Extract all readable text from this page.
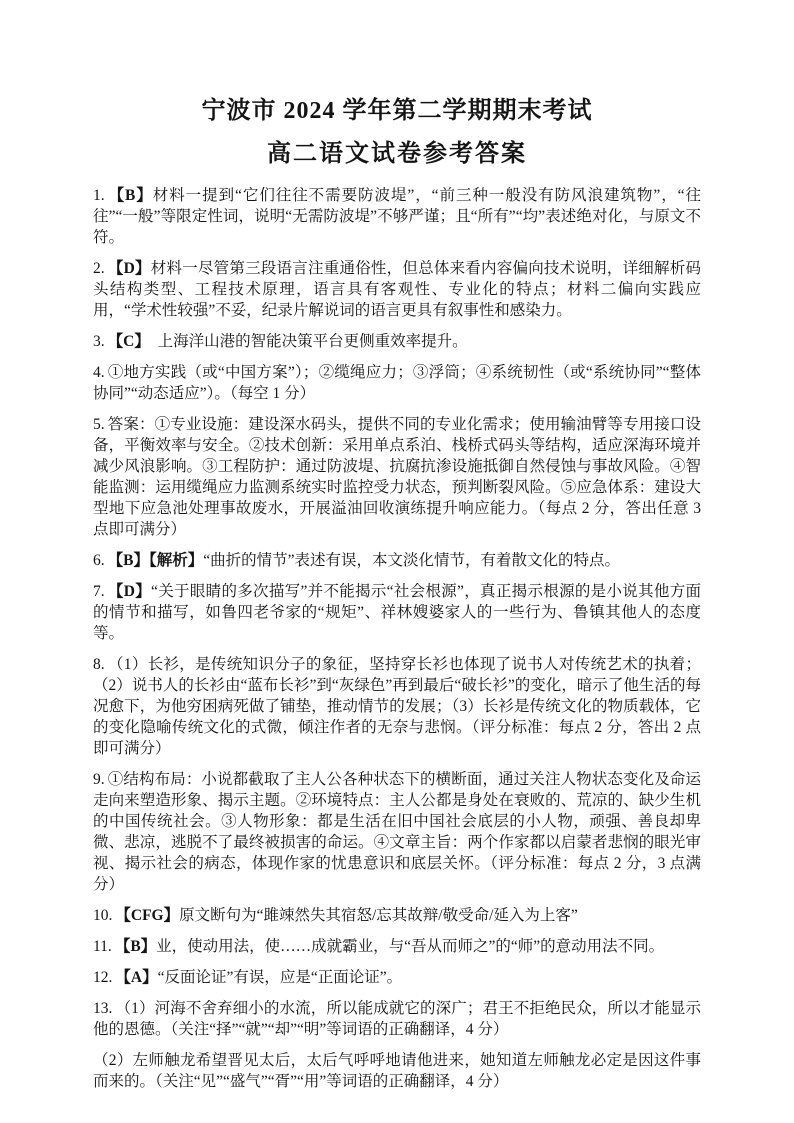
宁波市 2024 学年第二学期期末考试
高二语文试卷参考答案

1. 【B】材料一提到“它们往往不需要防波堤”，“前三种一般没有防风浪建筑物”，“往往”“一般”等限定性词，说明“无需防波堤”不够严谨；且“所有”“均”表述绝对化，与原文不符。

2. 【D】材料一尽管第三段语言注重通俗性，但总体来看内容偏向技术说明，详细解析码头结构类型、工程技术原理，语言具有客观性、专业化的特点；材料二偏向实践应用，“学术性较强”不妥，纪录片解说词的语言更具有叙事性和感染力。

3. 【C】　上海洋山港的智能决策平台更侧重效率提升。

4. ①地方实践（或“中国方案”）；②缆绳应力；③浮筒；④系统韧性（或“系统协同”“整体协同”“动态适应”）。（每空 1 分）

5. 答案：①专业设施：建设深水码头，提供不同的专业化需求；使用输油臂等专用接口设备，平衡效率与安全。②技术创新：采用单点系泊、栈桥式码头等结构，适应深海环境并减少风浪影响。③工程防护：通过防波堤、抗腐抗渗设施抵御自然侵蚀与事故风险。④智能监测：运用缆绳应力监测系统实时监控受力状态，预判断裂风险。⑤应急体系：建设大型地下应急池处理事故废水，开展溢油回收演练提升响应能力。（每点 2 分，答出任意 3 点即可满分）

6. 【B】【解析】“曲折的情节”表述有误，本文淡化情节，有着散文化的特点。

7. 【D】“关于眼睛的多次描写”并不能揭示“社会根源”，真正揭示根源的是小说其他方面的情节和描写，如鲁四老爷家的“规矩”、祥林嫂婆家人的一些行为、鲁镇其他人的态度等。

8. （1）长衫，是传统知识分子的象征，坚持穿长衫也体现了说书人对传统艺术的执着；（2）说书人的长衫由“蓝布长衫”到“灰绿色”再到最后“破长衫”的变化，暗示了他生活的每况愈下，为他穷困病死做了铺垫，推动情节的发展；（3）长衫是传统文化的物质载体，它的变化隐喻传统文化的式微，倾注作者的无奈与悲悯。（评分标准：每点 2 分，答出 2 点即可满分）

9. ①结构布局：小说都截取了主人公各种状态下的横断面，通过关注人物状态变化及命运走向来塑造形象、揭示主题。②环境特点：主人公都是身处在衰败的、荒凉的、缺少生机的中国传统社会。③人物形象：都是生活在旧中国社会底层的小人物，顽强、善良却卑微、悲凉，逃脱不了最终被损害的命运。④文章主旨：两个作家都以启蒙者悲悯的眼光审视、揭示社会的病态，体现作家的忧患意识和底层关怀。（评分标准：每点 2 分，3 点满分）

10. 【CFG】原文断句为“雎竦然失其宿怒/忘其故辩/敬受命/延入为上客”

11. 【B】业，使动用法，使……成就霸业，与“吾从而师之”的“师”的意动用法不同。

12. 【A】“反面论证”有误，应是“正面论证”。

13. （1）河海不舍弃细小的水流，所以能成就它的深广；君王不拒绝民众，所以才能显示他的恩德。（关注“择”“就”“却”“明”等词语的正确翻译，4 分）

（2）左师触龙希望晋见太后，太后气呼呼地请他进来，她知道左师触龙必定是因这件事而来的。（关注“见”“盛气”“胥”“用”等词语的正确翻译，4 分）
